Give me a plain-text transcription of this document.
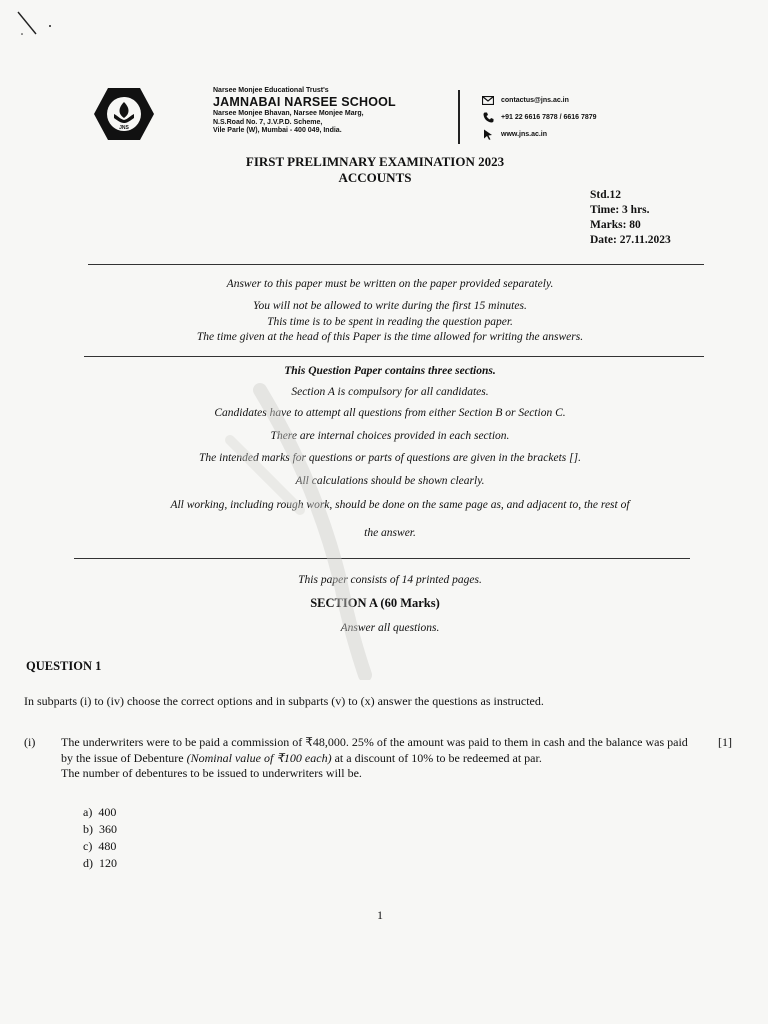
JNS

Narsee Monjee Educational Trust's

JAMNABAI NARSEE SCHOOL

Narsee Monjee Bhavan, Narsee Monjee Marg,

N.S.Road No. 7, J.V.P.D. Scheme,

Vile Parle (W), Mumbai - 400 049, India.

contactus@jns.ac.in
+91 22 6616 7878 / 6616 7879
www.jns.ac.in
FIRST PRELIMNARY EXAMINATION 2023
ACCOUNTS
Std.12
Time: 3 hrs.
Marks: 80
Date: 27.11.2023
Answer to this paper must be written on the paper provided separately.
You will not be allowed to write during the first 15 minutes.
This time is to be spent in reading the question paper.
The time given at the head of this Paper is the time allowed for writing the answers.
This Question Paper contains three sections.
Section A is compulsory for all candidates.
Candidates have to attempt all questions from either Section B or Section C.
There are internal choices provided in each section.
The intended marks for questions or parts of questions are given in the brackets [].
All calculations should be shown clearly.
All working, including rough work, should be done on the same page as, and adjacent to, the rest of
the answer.
This paper consists of 14 printed pages.
SECTION A (60 Marks)
Answer all questions.
QUESTION 1
In subparts (i) to (iv) choose the correct options and in subparts (v) to (x) answer the questions as instructed.
(i) The underwriters were to be paid a commission of ₹48,000. 25% of the amount was paid to them in cash and the balance was paid by the issue of Debenture (Nominal value of ₹100 each) at a discount of 10% to be redeemed at par.
The number of debentures to be issued to underwriters will be.
[1]
a) 400
b) 360
c) 480
d) 120
1
